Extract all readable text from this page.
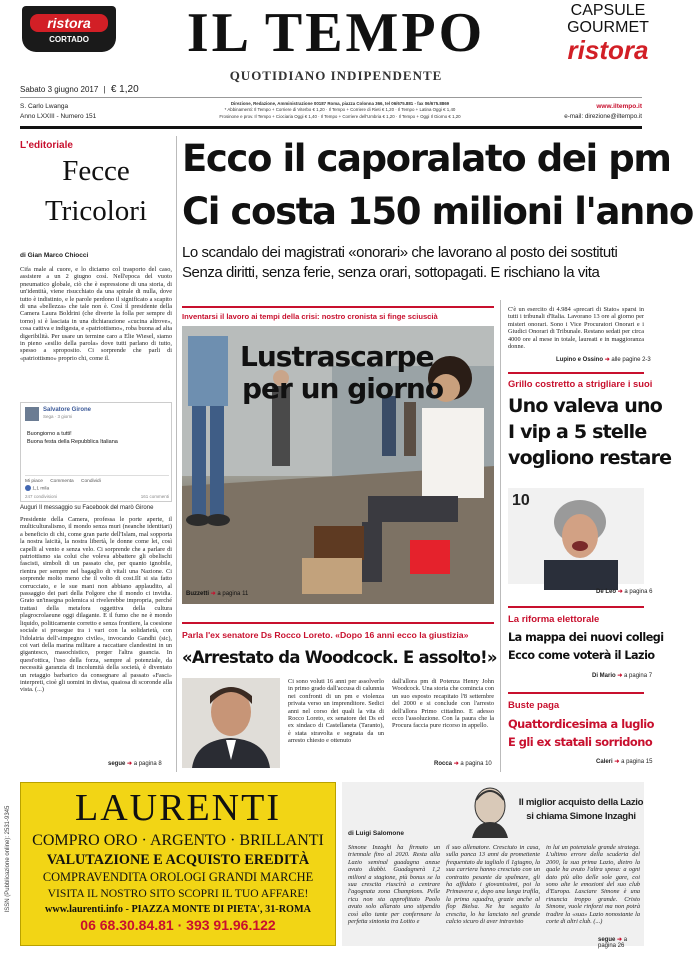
ristora
CORTADO	IL TEMPO
QUOTIDIANO INDIPENDENTE
CAPSULE
GOURMET
ristora
Sabato 3 giugno 2017 | € 1,20
S. Carlo Lwanga
Anno LXXIII - Numero 151
Direzione, Redazione, Amministrazione 00187 Roma, piazza Colonna 366, tel 06/675.881 - fax 06/675.8869
* Abbinamenti: Il Tempo + Corriere di Viterbo € 1,20 · Il Tempo + Corriere di Rieti € 1,20 · Il Tempo + Latina Oggi € 1,40
Frosinone e prov. Il Tempo + Ciociaria Oggi € 1,40 · Il Tempo + Corriere dell'Umbria € 1,20 · Il Tempo + Oggi Il Giorno € 1,20
www.iltempo.it
e-mail: direzione@iltempo.it
L'editoriale
Fecce
Tricolori
di Gian Marco Chiocci
Cifa male al cuore, e lo diciamo col trasporto del caso, assistere a un 2 giugno così. Nell'epoca del vuoto pneumatico globale, ciò che è espressione di una storia, di un'identità, viene risucchiato da una spirale di nulla, dove tutto è indistinto, e le parole perdono il significato a scapito di una «bellezza» che tale non è. Così il presidente della Camera Laura Boldrini (che diverte la folla per sempre di torno) si è lasciata in una dichiarazione «cucina altrove», cosa cattiva e indigesta, e «patriottismo», roba buona ad alta digeribilità. Per usare un termine caro a Elie Wiesel, siamo in pieno «esilio della parola» dove tutti parlano di tutto, spesso a sproposito. Ci sorprende che parli di «patriottismo» proprio chi, come il.
Salvatore Girone
Sega · 3 giorni
Buongiorno a tutti!
Buona festa della Repubblica Italiana
Mi piace Commenta Condividi
1,1 mila
247 condivisioni	161 commenti
Auguri Il messaggio su Facebook del marò Girone
Presidente della Camera, professa le porte aperte, il multiculturalismo, il mondo senza muri (neanche identitari) a beneficio di chi, come gran parte dell'Islam, mal sopporta la nostra laicità, la nostra libertà, le donne come lei, così capelli al vento e senza velo. Ci sorprende che a parlare di patriottismo sia colui che voleva abbattere gli obelischi fascisti, simboli di un passato che, per quanto ignobile, rientra per sempre nel bagaglio di vitali una Nazione. Ci sorprende molto meno che il volto di cost.IlI si sia fatto corrucciato, e le sue mani non abbiano applaudito, al passaggio dei pari della Folgore che il mondo ci invidia. Grato un'insegna polemica si rivelerebbe impropria, perché trattasi della metafora oggettiva della cultura plagrocrolaeune oggi dilagante. E il fumo che ne è mondo liquido, politicamente corretto e senza frontiere, la coesione sociale si prosegue tra i vari con la solidarietà, con l'idolatria dell'«impegno civile», invocando Gandhi (sic), coi vari della marina militare a raccattare clandestini in un gigantesco, masochistico, porger l'altra guancia. In quest'ottica, l'uso della forza, sempre al potenziale, da necessità garanzia di incolumità della società, è diventato un retaggio barbarico da consegnare al passato «Fasci» interpreti, cioè gli uomini in divisa, quaiosa di scoronde alla vista. (...)
segue ➜ a pagina 8
Ecco il caporalato dei pm
Ci costa 150 milioni l'anno
Lo scandalo dei magistrati «onorari» che lavorano al posto dei sostituti
Senza diritti, senza ferie, senza orari, sottopagati. E rischiano la vita
Inventarsi il lavoro ai tempi della crisi: nostro cronista si finge sciuscià
Lustrascarpe
per un giorno
Buzzetti ➜ a pagina 11
C'è un esercito di 4.984 «precari di Stato» sparsi in tutti i tribunali d'Italia. Lavorano 13 ore al giorno per misteri onorari. Sono i Vice Procuratori Onorari e i Giudici Onorari di Tribunale. Restano sedati per circa 4000 ore al mese in totale, laureati e in maggioranza donne.
Lupino e Ossino ➜ alle pagine 2-3
Grillo costretto a strigliare i suoi
Uno valeva uno
I vip a 5 stelle
vogliono restare
10
De Leo ➜ a pagina 6
La riforma elettorale
La mappa dei nuovi collegi
Ecco come voterà il Lazio
Di Mario ➜ a pagina 7
Buste paga
Quattordicesima a luglio
E gli ex statali sorridono
Caleri ➜ a pagina 15
Parla l'ex senatore Ds Rocco Loreto. «Dopo 16 anni ecco la giustizia»
«Arrestato da Woodcock. E assolto!»
Ci sono voluti 16 anni per assolverlo in primo grado dall'accusa di calunnia nei confronti di un pm e violenza privata verso un imprenditore. Sedici anni nel corso dei quali la vita di Rocco Loreto, ex senatore dei Ds ed ex sindaco di Castellaneta (Taranto), è stata stravolta e segnata da un arresto chiesto e ottenuto
dall'allora pm di Potenza Henry John Woodcock. Una storia che comincia con un suo esposto recapitato l'8 settembre del 2000 e si conclude con l'arresto dell'allora Primo cittadino. E adesso ecco l'assoluzione. Con la paura che la Procura faccia pure ricorso in appello.
Rocca ➜ a pagina 10
ISSN (Pubblicazione online): 2531-9345	LAURENTI
COMPRO ORO · ARGENTO · BRILLANTI
VALUTAZIONE E ACQUISTO EREDITÀ
COMPRAVENDITA OROLOGI GRANDI MARCHE
VISITA IL NOSTRO SITO SCOPRI IL TUO AFFARE!
www.laurenti.info - PIAZZA MONTE DI PIETA', 31-ROMA
06 68.30.84.81 · 393 91.96.122
Il miglior acquisto della Lazio
si chiama Simone Inzaghi
di Luigi Salomone
Simone Inzaghi ha firmato un triennale fino al 2020. Resta alla Lazio seminal guadagna anzue avuto diabbi. Guadagnerà 1,2 milioni a stagione, più bonus se la sua crescita riuscirà a centrare l'agognata zona Champions. Pelle ricu non sta approfittato Paolo avuto solo allarato uno stipendio così alto tante per confermare la perfetta sintonia tra Lotito e
il suo allenatore. Cresciuto in casa, sulla panca 13 anni da promettente frequentato da taglialo il 1giugno, la sua carriera hanno cresciuto con un contratto pesante da spalmare, gli ha affidato i giovanissimi, poi la Primavera e, dopo una lunga trafila, la prima squadra, grazie anche al flop Bielsa. Ne ha seguito la crescita, lo ha lanciato nel grande calcio sicuro di aver intravisto
in lui un potenziale grande stratega. L'ultimo errore della scuderia del 2000, la sua prima Lazio, dietro la quale ha avuto l'altra spesa: a ogni dato più alto delle sole gare, coi sono alte le emozioni del suo club d'Europa. Lasciare Simone è una rinuncia troppo grande. Cristo Simone, vuole rinforzi ma non potrà tradire la «sua» Lazio nonostante la corte di altri club. (...)
segue ➜ a pagina 26
